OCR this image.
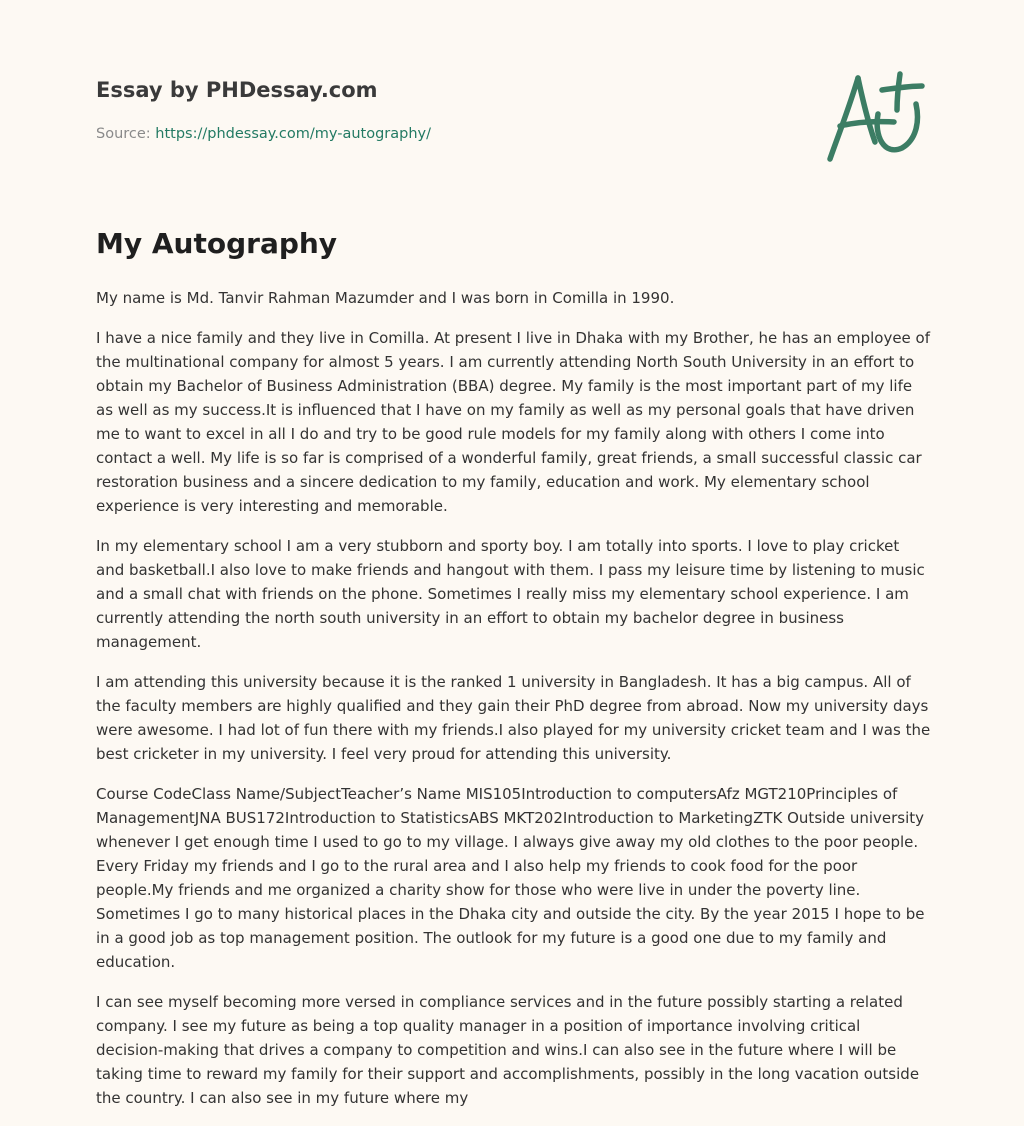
Essay by PHDessay.com
Source: https://phdessay.com/my-autography/
My Autography

My name is Md. Tanvir Rahman Mazumder and I was born in Comilla in 1990.

I have a nice family and they live in Comilla. At present I live in Dhaka with my Brother, he has an employee of the multinational company for almost 5 years. I am currently attending North South University in an effort to obtain my Bachelor of Business Administration (BBA) degree. My family is the most important part of my life as well as my success.It is influenced that I have on my family as well as my personal goals that have driven me to want to excel in all I do and try to be good rule models for my family along with others I come into contact a well. My life is so far is comprised of a wonderful family, great friends, a small successful classic car restoration business and a sincere dedication to my family, education and work. My elementary school experience is very interesting and memorable.

In my elementary school I am a very stubborn and sporty boy. I am totally into sports. I love to play cricket and basketball.I also love to make friends and hangout with them. I pass my leisure time by listening to music and a small chat with friends on the phone. Sometimes I really miss my elementary school experience. I am currently attending the north south university in an effort to obtain my bachelor degree in business management.

I am attending this university because it is the ranked 1 university in Bangladesh. It has a big campus. All of the faculty members are highly qualified and they gain their PhD degree from abroad. Now my university days were awesome. I had lot of fun there with my friends.I also played for my university cricket team and I was the best cricketer in my university. I feel very proud for attending this university.

Course CodeClass Name/SubjectTeacher’s Name MIS105Introduction to computersAfz MGT210Principles of ManagementJNA BUS172Introduction to StatisticsABS MKT202Introduction to MarketingZTK Outside university whenever I get enough time I used to go to my village. I always give away my old clothes to the poor people. Every Friday my friends and I go to the rural area and I also help my friends to cook food for the poor people.My friends and me organized a charity show for those who were live in under the poverty line. Sometimes I go to many historical places in the Dhaka city and outside the city. By the year 2015 I hope to be in a good job as top management position. The outlook for my future is a good one due to my family and education.

I can see myself becoming more versed in compliance services and in the future possibly starting a related company. I see my future as being a top quality manager in a position of importance involving critical decision-making that drives a company to competition and wins.I can also see in the future where I will be taking time to reward my family for their support and accomplishments, possibly in the long vacation outside the country. I can also see in my future where my
